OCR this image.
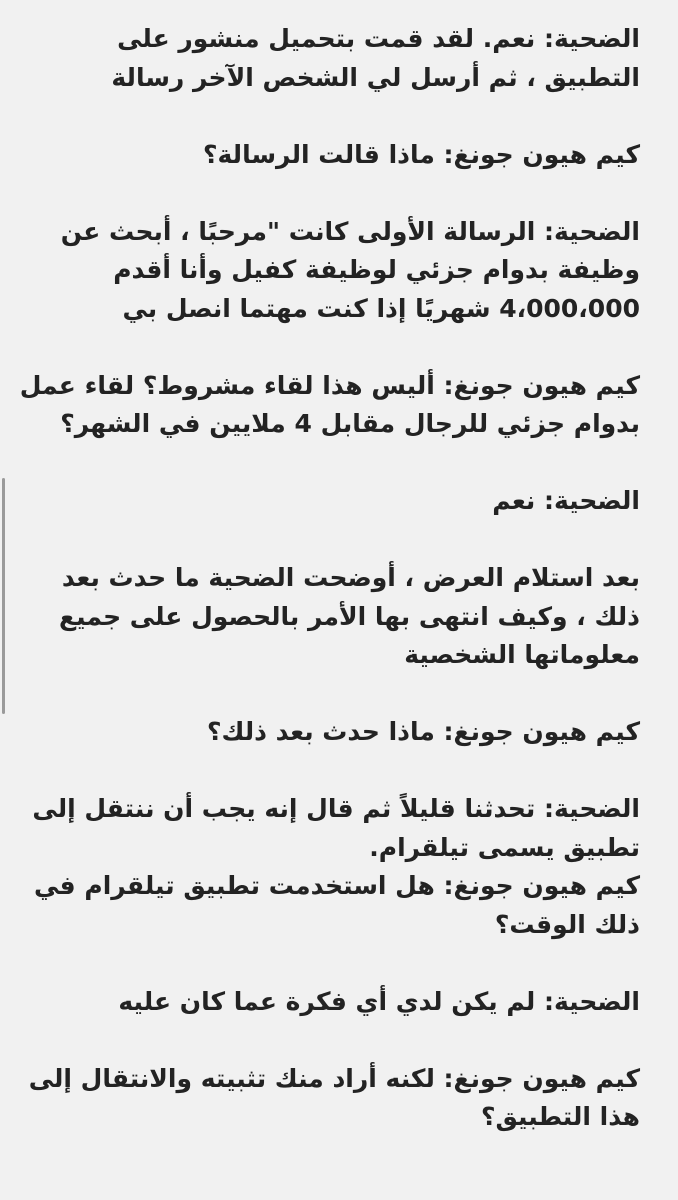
الضحية: نعم. لقد قمت بتحميل منشور على
التطبيق ، ثم أرسل لي الشخص الآخر رسالة
كيم هيون جونغ: ماذا قالت الرسالة؟
الضحية: الرسالة الأولى كانت "مرحبًا ، أبحث عن
وظيفة بدوام جزئي لوظيفة كفيل وأنا أقدم
4،000،000 شهريًا إذا كنت مهتما انصل بي
كيم هيون جونغ: أليس هذا لقاء مشروط؟ لقاء عمل
بدوام جزئي للرجال مقابل 4 ملايين في الشهر؟
الضحية: نعم
بعد استلام العرض ، أوضحت الضحية ما حدث بعد
ذلك ، وكيف انتهى بها الأمر بالحصول على جميع
معلوماتها الشخصية
كيم هيون جونغ: ماذا حدث بعد ذلك؟
الضحية: تحدثنا قليلاً ثم قال إنه يجب أن ننتقل إلى
تطبيق يسمى تيلقرام.
كيم هيون جونغ: هل استخدمت تطبيق تيلقرام في
ذلك الوقت؟
الضحية: لم يكن لدي أي فكرة عما كان عليه
كيم هيون جونغ: لكنه أراد منك تثبيته والانتقال إلى
هذا التطبيق؟
